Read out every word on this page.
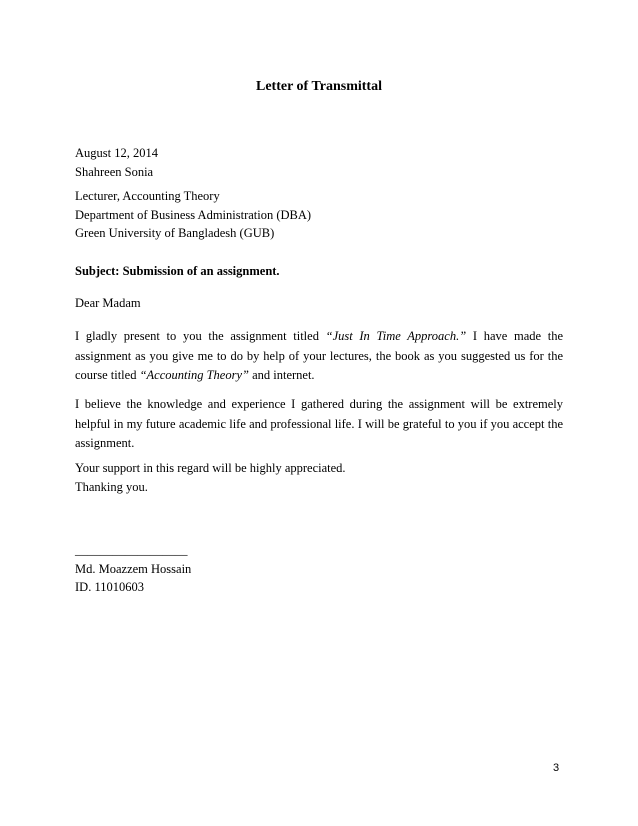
Letter of Transmittal
August 12, 2014
Shahreen Sonia
Lecturer, Accounting Theory
Department of Business Administration (DBA)
Green University of Bangladesh (GUB)
Subject: Submission of an assignment.
Dear Madam
I gladly present to you the assignment titled “Just In Time Approach.” I have made the assignment as you give me to do by help of your lectures, the book as you suggested us for the course titled “Accounting Theory” and internet.
I believe the knowledge and experience I gathered during the assignment will be extremely helpful in my future academic life and professional life. I will be grateful to you if you accept the assignment.
Your support in this regard will be highly appreciated.
Thanking you.
__________________
Md. Moazzem Hossain
ID. 11010603
3
